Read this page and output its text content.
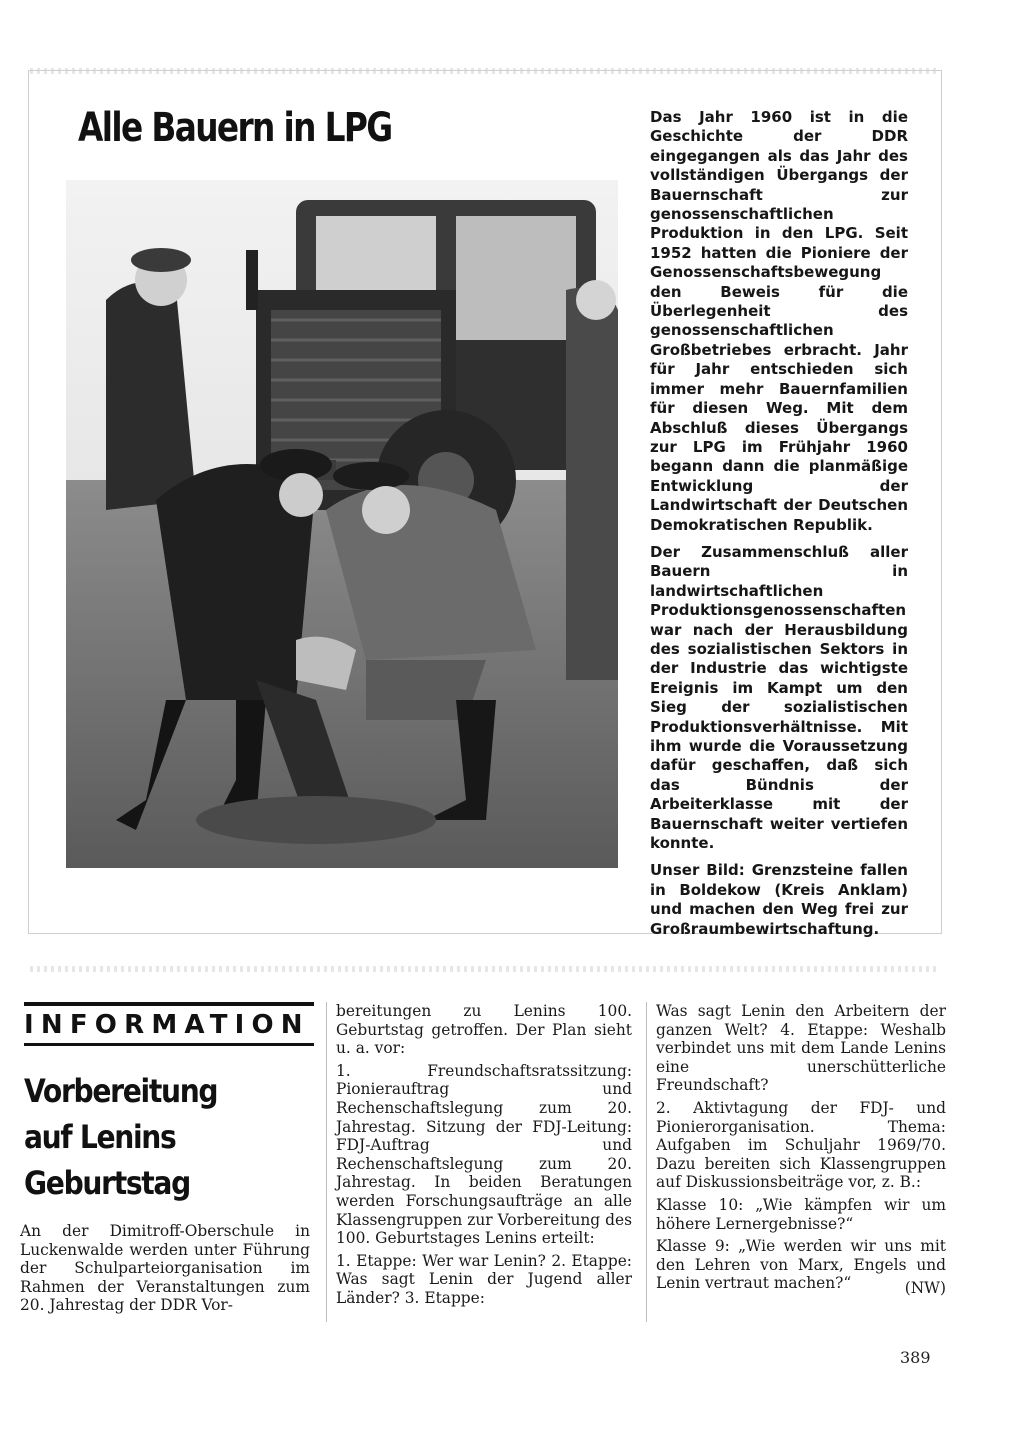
Alle Bauern in LPG	Das Jahr 1960 ist in die Geschichte der DDR eingegangen als das Jahr des vollständigen Übergangs der Bauernschaft zur genossenschaftlichen Produktion in den LPG. Seit 1952 hatten die Pioniere der Genossenschaftsbewegung den Beweis für die Überlegenheit des genossenschaftlichen Großbetriebes erbracht. Jahr für Jahr entschieden sich immer mehr Bauernfamilien für diesen Weg. Mit dem Abschluß dieses Übergangs zur LPG im Frühjahr 1960 begann dann die planmäßige Entwicklung der Landwirtschaft der Deutschen Demokratischen Republik.

Der Zusammenschluß aller Bauern in landwirtschaftlichen Produktionsgenossenschaften war nach der Herausbildung des sozialistischen Sektors in der Industrie das wichtigste Ereignis im Kampt um den Sieg der sozialistischen Produktionsverhältnisse. Mit ihm wurde die Voraussetzung dafür geschaffen, daß sich das Bündnis der Arbeiterklasse mit der Bauernschaft weiter vertiefen konnte.

Unser Bild: Grenzsteine fallen in Boldekow (Kreis Anklam) und machen den Weg frei zur Großraumbewirtschaftung.

INFORMATION
Vorbereitung
auf Lenins
Geburtstag

An der Dimitroff-Oberschule in Luckenwalde werden unter Führung der Schulparteiorganisation im Rahmen der Veranstaltungen zum 20. Jahrestag der DDR Vor-

bereitungen zu Lenins 100. Geburtstag getroffen. Der Plan sieht u. a. vor:

1. Freundschaftsratssitzung: Pionierauftrag und Rechenschaftslegung zum 20. Jahrestag. Sitzung der FDJ-Leitung: FDJ-Auftrag und Rechenschaftslegung zum 20. Jahrestag. In beiden Beratungen werden Forschungsaufträge an alle Klassengruppen zur Vorbereitung des 100. Geburtstages Lenins erteilt:

1. Etappe: Wer war Lenin? 2. Etappe: Was sagt Lenin der Jugend aller Länder? 3. Etappe:

Was sagt Lenin den Arbeitern der ganzen Welt? 4. Etappe: Weshalb verbindet uns mit dem Lande Lenins eine unerschütterliche Freundschaft?

2. Aktivtagung der FDJ- und Pionierorganisation. Thema: Aufgaben im Schuljahr 1969/70. Dazu bereiten sich Klassengruppen auf Diskussionsbeiträge vor, z. B.:

Klasse 10: „Wie kämpfen wir um höhere Lernergebnisse?“

Klasse 9: „Wie werden wir uns mit den Lehren von Marx, Engels und Lenin vertraut machen?“	(NW)
389
